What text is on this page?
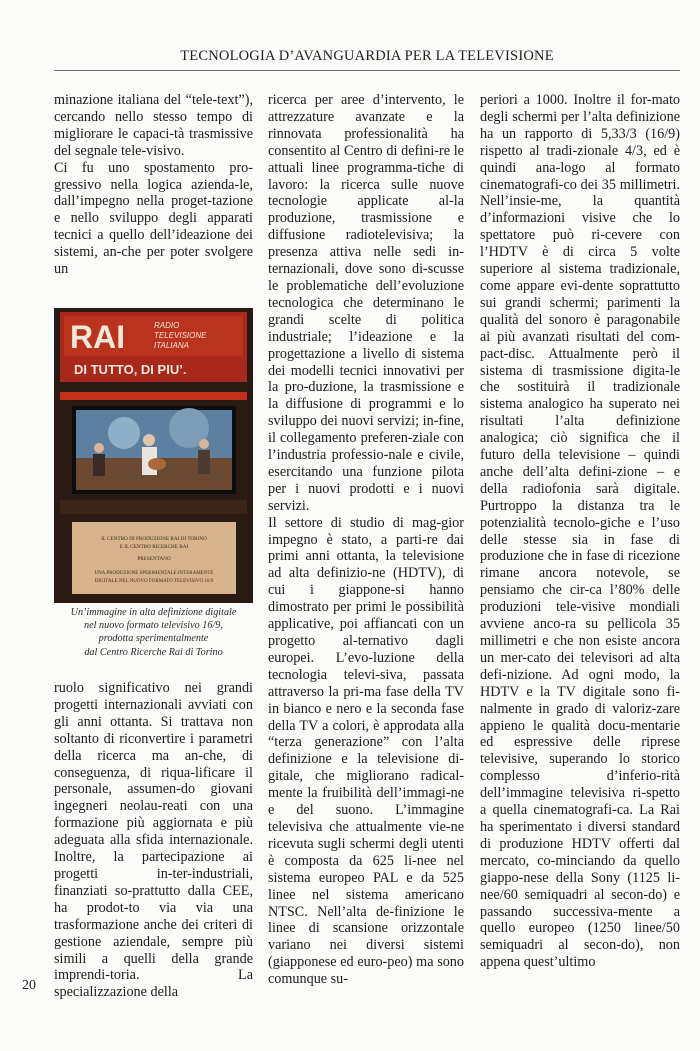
TECNOLOGIA D’AVANGUARDIA PER LA TELEVISIONE

minazione italiana del “tele-text”), cercando nello stesso tempo di migliorare le capaci-tà trasmissive del segnale tele-visivo.

Ci fu uno spostamento pro-gressivo nella logica azienda-le, dall’impegno nella proget-tazione e nello sviluppo degli apparati tecnici a quello dell’ideazione dei sistemi, an-che per poter svolgere un

RAI	RADIO
TELEVISIONE
ITALIANA
DI TUTTO, DI PIU’.
IL CENTRO DI PRODUZIONE RAI DI TORINO
E IL CENTRO RICERCHE RAI
PRESENTANO
UNA PRODUZIONE SPERIMENTALE INTERAMENTE
DIGITALE NEL NUOVO FORMATO TELEVISIVO 16/9
Un’immagine in alta definizione digitale
nel nuovo formato televisivo 16/9,
prodotta sperimentalmente
dal Centro Ricerche Rai di Torino

ruolo significativo nei grandi progetti internazionali avviati con gli anni ottanta. Si trattava non soltanto di riconvertire i parametri della ricerca ma an-che, di conseguenza, di riqua-lificare il personale, assumen-do giovani ingegneri neolau-reati con una formazione più aggiornata e più adeguata alla sfida internazionale. Inoltre, la partecipazione ai progetti in-ter-industriali, finanziati so-prattutto dalla CEE, ha prodot-to via via una trasformazione anche dei criteri di gestione aziendale, sempre più simili a quelli della grande imprendi-toria. La specializzazione della

ricerca per aree d’intervento, le attrezzature avanzate e la rinnovata professionalità ha consentito al Centro di defini-re le attuali linee programma-tiche di lavoro: la ricerca sulle nuove tecnologie applicate al-la produzione, trasmissione e diffusione radiotelevisiva; la presenza attiva nelle sedi in-ternazionali, dove sono di-scusse le problematiche dell’evoluzione tecnologica che determinano le grandi scelte di politica industriale; l’ideazione e la progettazione a livello di sistema dei modelli tecnici innovativi per la pro-duzione, la trasmissione e la diffusione di programmi e lo sviluppo dei nuovi servizi; in-fine, il collegamento preferen-ziale con l’industria professio-nale e civile, esercitando una funzione pilota per i nuovi prodotti e i nuovi servizi.

Il settore di studio di mag-gior impegno è stato, a parti-re dai primi anni ottanta, la televisione ad alta definizio-ne (HDTV), di cui i giappone-si hanno dimostrato per primi le possibilità applicative, poi affiancati con un progetto al-ternativo dagli europei. L’evo-luzione della tecnologia televi-siva, passata attraverso la pri-ma fase della TV in bianco e nero e la seconda fase della TV a colori, è approdata alla “terza generazione” con l’alta definizione e la televisione di-gitale, che migliorano radical-mente la fruibilità dell’immagi-ne e del suono. L’immagine televisiva che attualmente vie-ne ricevuta sugli schermi degli utenti è composta da 625 li-nee nel sistema europeo PAL e da 525 linee nel sistema americano NTSC. Nell’alta de-finizione le linee di scansione orizzontale variano nei diversi sistemi (giapponese ed euro-peo) ma sono comunque su-

periori a 1000. Inoltre il for-mato degli schermi per l’alta definizione ha un rapporto di 5,33/3 (16/9) rispetto al tradi-zionale 4/3, ed è quindi ana-logo al formato cinematografi-co dei 35 millimetri. Nell’insie-me, la quantità d’informazioni visive che lo spettatore può ri-cevere con l’HDTV è di circa 5 volte superiore al sistema tradizionale, come appare evi-dente soprattutto sui grandi schermi; parimenti la qualità del sonoro è paragonabile ai più avanzati risultati del com-pact-disc. Attualmente però il sistema di trasmissione digita-le che sostituirà il tradizionale sistema analogico ha superato nei risultati l’alta definizione analogica; ciò significa che il futuro della televisione – quindi anche dell’alta defini-zione – e della radiofonia sarà digitale. Purtroppo la distanza tra le potenzialità tecnolo-giche e l’uso delle stesse sia in fase di produzione che in fase di ricezione rimane ancora notevole, se pensiamo che cir-ca l’80% delle produzioni tele-visive mondiali avviene anco-ra su pellicola 35 millimetri e che non esiste ancora un mer-cato dei televisori ad alta defi-nizione. Ad ogni modo, la HDTV e la TV digitale sono fi-nalmente in grado di valoriz-zare appieno le qualità docu-mentarie ed espressive delle riprese televisive, superando lo storico complesso d’inferio-rità dell’immagine televisiva ri-spetto a quella cinematografi-ca. La Rai ha sperimentato i diversi standard di produzione HDTV offerti dal mercato, co-minciando da quello giappo-nese della Sony (1125 li-nee/60 semiquadri al secon-do) e passando successiva-mente a quello europeo (1250 linee/50 semiquadri al secon-do), non appena quest’ultimo

20
